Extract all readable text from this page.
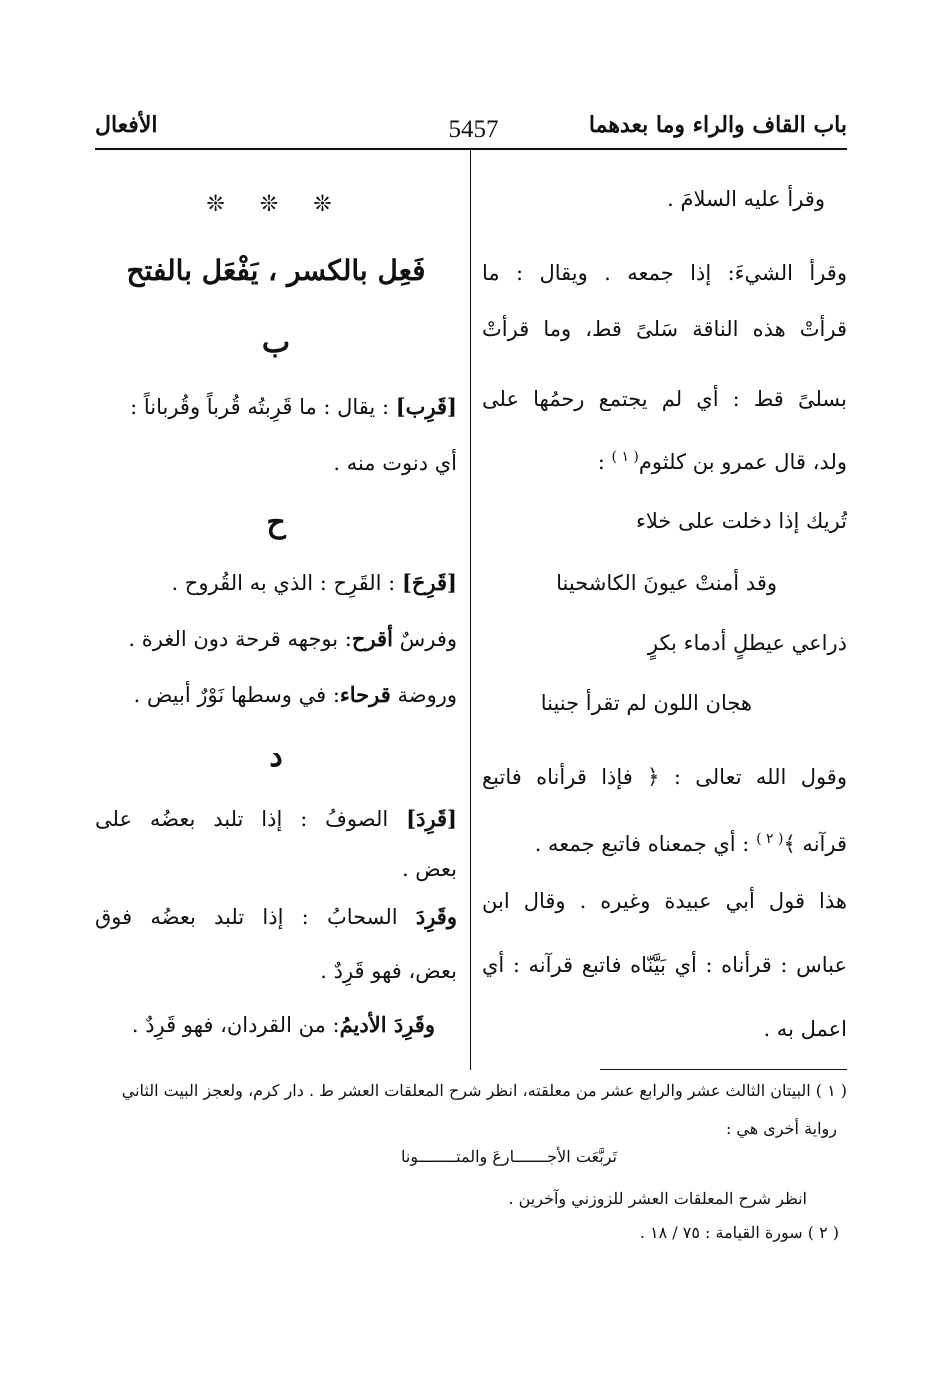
باب القاف والراء وما بعدهما
5457
الأفعال
وقرأ عليه السلامَ .
وقرأ الشيءَ: إذا جمعه . ويقال : ما
قرأتْ هذه الناقة سَلىً قط، وما قرأتْ
بسلىً قط : أي لم يجتمع رحمُها على
ولد، قال عمرو بن كلثوم$^{( ١ )}$ :
تُريك إذا دخلت على خلاء
وقد أمنتْ عيونَ الكاشحينا
ذراعي عيطلٍ أدماء بكرٍ
هجان اللون لم تقرأ جنينا
وقول الله تعالى : ﴿ فإذا قرأناه فاتبع
قرآنه ﴾$^{( ٢ )}$ : أي جمعناه فاتبع جمعه .
هذا قول أبي عبيدة وغيره . وقال ابن
عباس : قرأناه : أي بَيَّنّاه فاتبع قرآنه : أي
اعمل به .
❊ ❊ ❊
فَعِل بالكسر ، يَفْعَل بالفتح
ب
[قَرِب] : يقال : ما قَرِبتُه قُرباً وقُرباناً :
أي دنوت منه .
ح
[قَرِحَ] : القَرِح : الذي به القُروح .
وفرسٌ أقرح: بوجهه قرحة دون الغرة .
وروضة قرحاء: في وسطها نَوْرٌ أبيض .
د
[قَرِدَ] الصوفُ : إذا تلبد بعضُه على
بعض .
وقَرِدَ السحابُ : إذا تلبد بعضُه فوق
بعض، فهو قَرِدٌ .
وقَرِدَ الأديمُ: من القردان، فهو قَرِدٌ .
( ١ ) البيتان الثالث عشر والرابع عشر من معلقته، انظر شرح المعلقات العشر ط . دار كرم، ولعجز البيت الثاني
رواية أخرى هي :
تَربَّعَت الأجـــــــارعَ والمتــــــــونا
انظر شرح المعلقات العشر للزوزني وآخرين .
( ٢ ) سورة القيامة : ٧٥ / ١٨ .
